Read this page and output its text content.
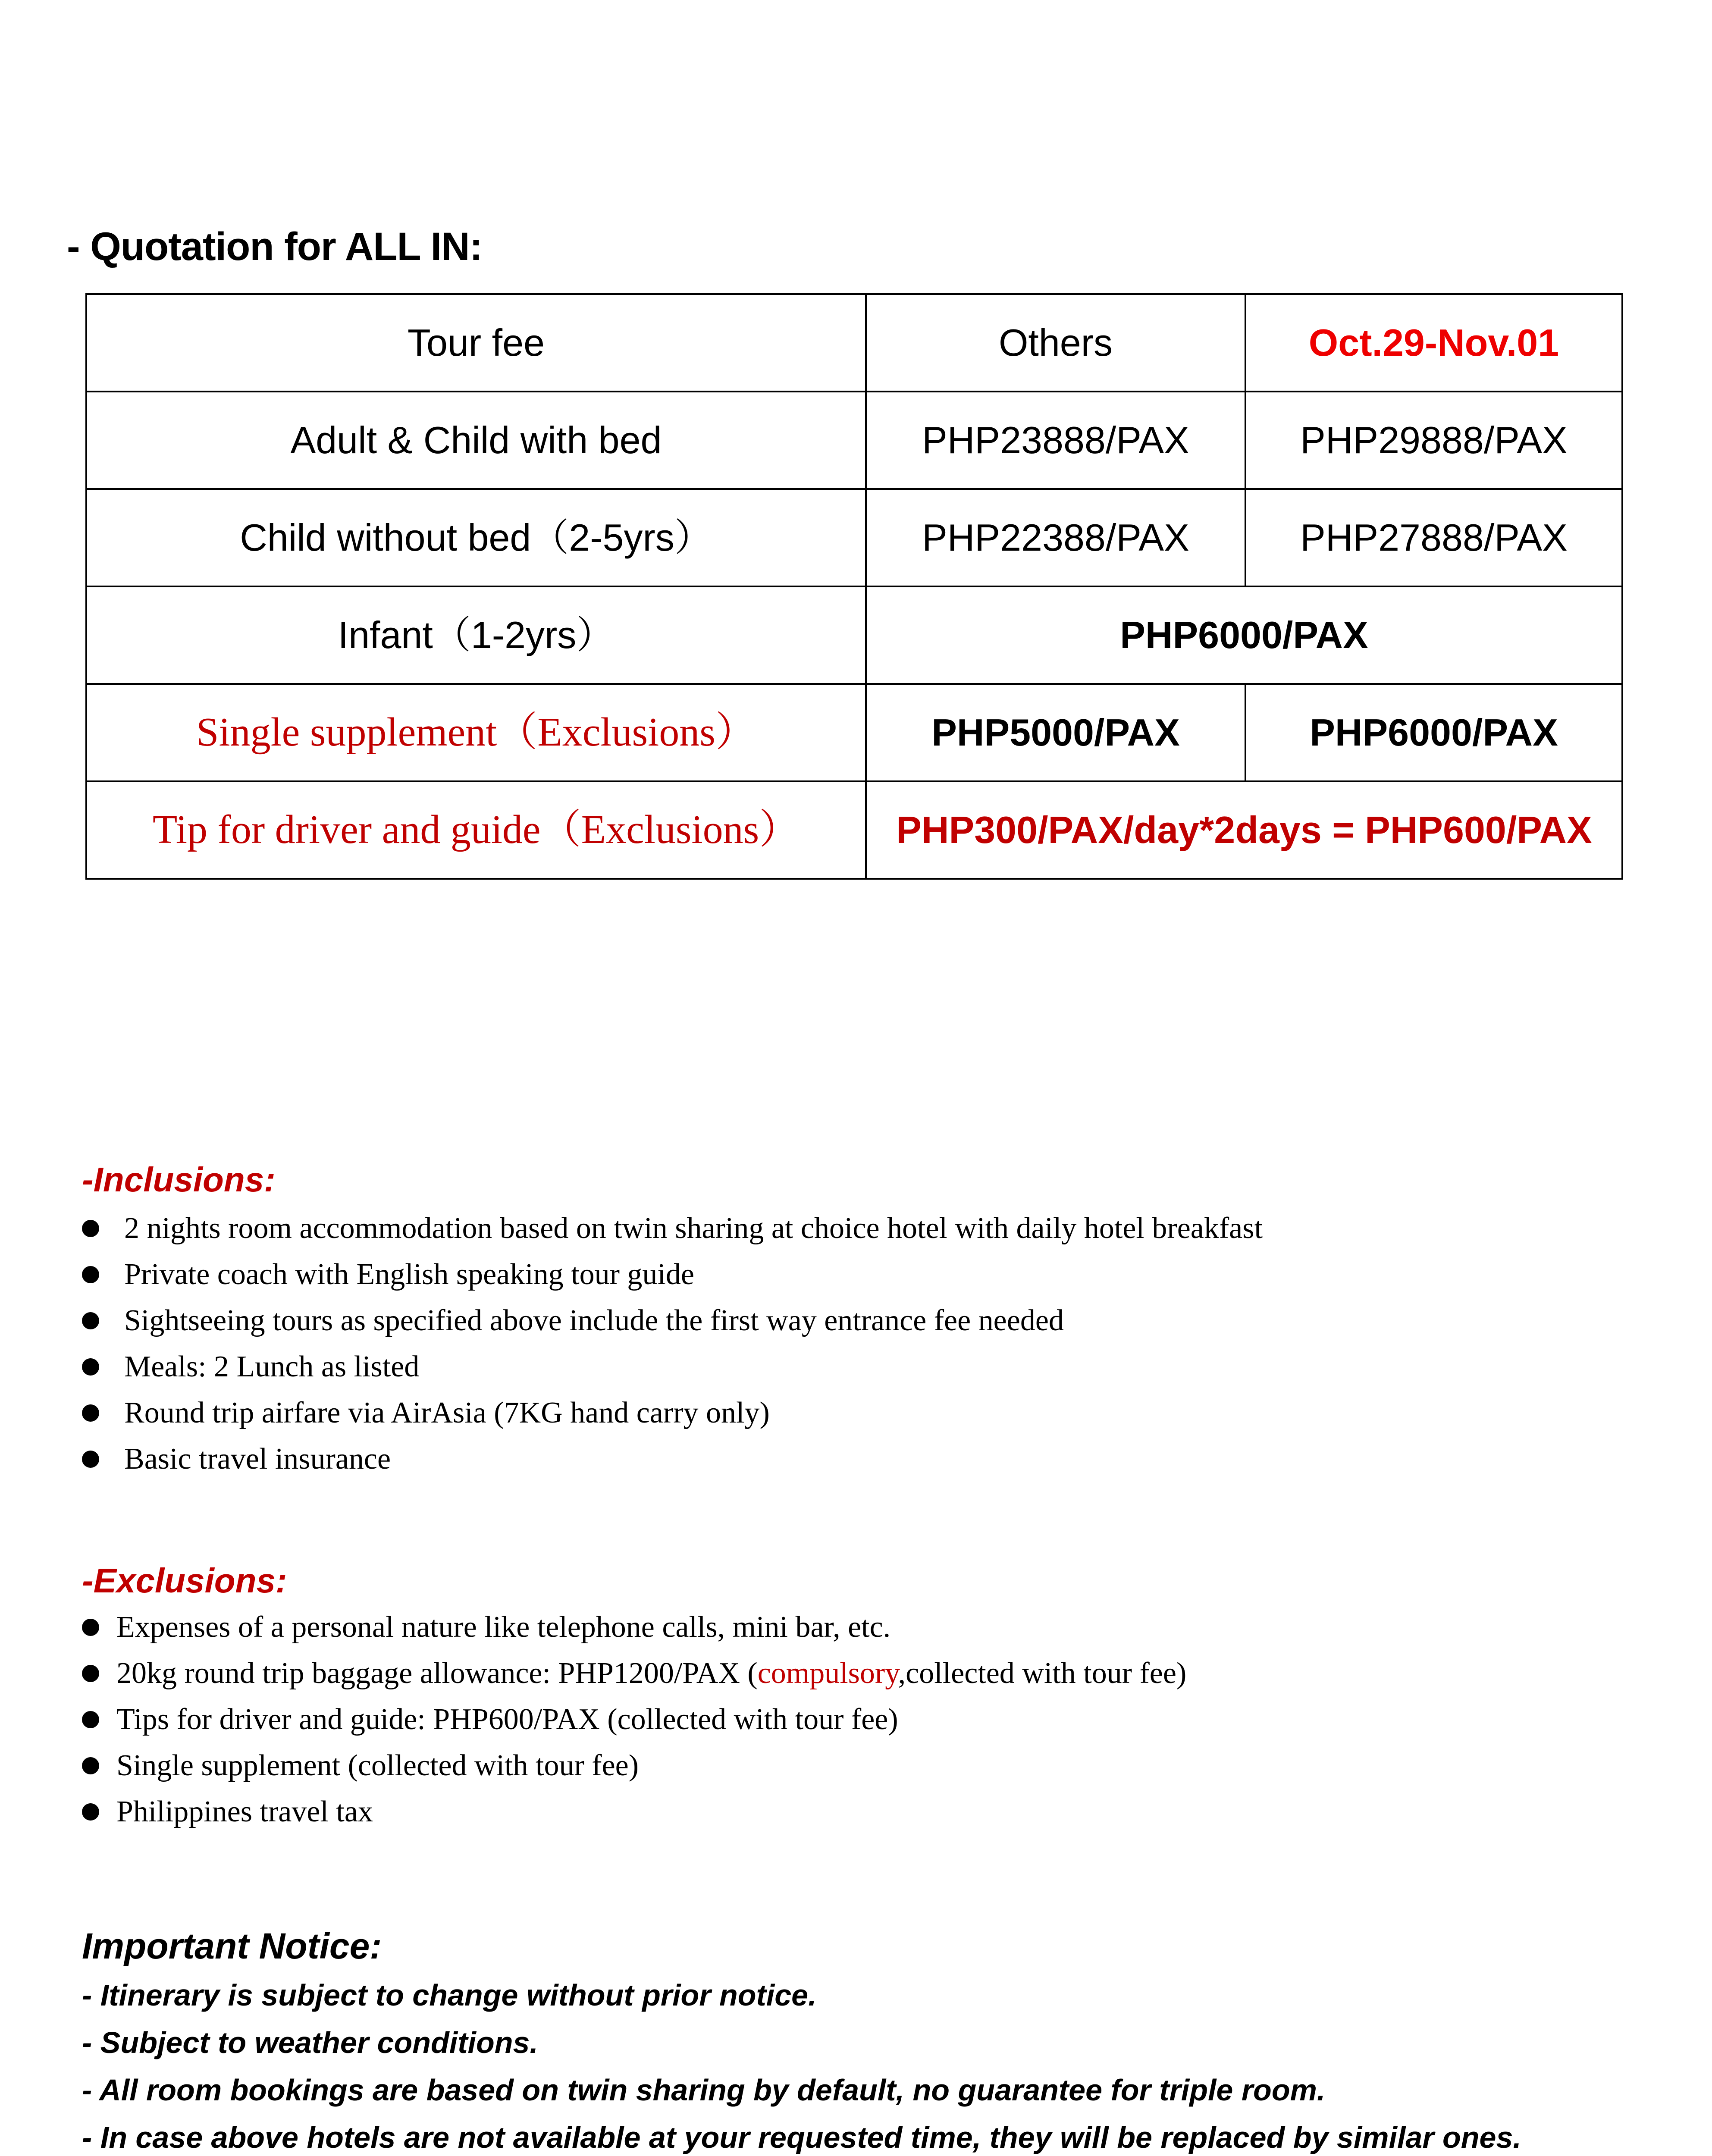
- Quotation for ALL IN:
Tour fee	Others	Oct.29-Nov.01
Adult & Child with bed	PHP23888/PAX	PHP29888/PAX
Child without bed（2-5yrs）	PHP22388/PAX	PHP27888/PAX
Infant（1-2yrs）	PHP6000/PAX	
Single supplement（Exclusions）	PHP5000/PAX	PHP6000/PAX
Tip for driver and guide（Exclusions）	PHP300/PAX/day*2days = PHP600/PAX	
-Inclusions:
2 nights room accommodation based on twin sharing at choice hotel with daily hotel breakfast
Private coach with English speaking tour guide
Sightseeing tours as specified above include the first way entrance fee needed
Meals: 2 Lunch as listed
Round trip airfare via AirAsia (7KG hand carry only)
Basic travel insurance
-Exclusions:
Expenses of a personal nature like telephone calls, mini bar, etc.
20kg round trip baggage allowance: PHP1200/PAX (compulsory,collected with tour fee)
Tips for driver and guide: PHP600/PAX (collected with tour fee)
Single supplement (collected with tour fee)
Philippines travel tax
Important Notice:
- Itinerary is subject to change without prior notice.
- Subject to weather conditions.
- All room bookings are based on twin sharing by default, no guarantee for triple room.
- In case above hotels are not available at your requested time, they will be replaced by similar ones.
